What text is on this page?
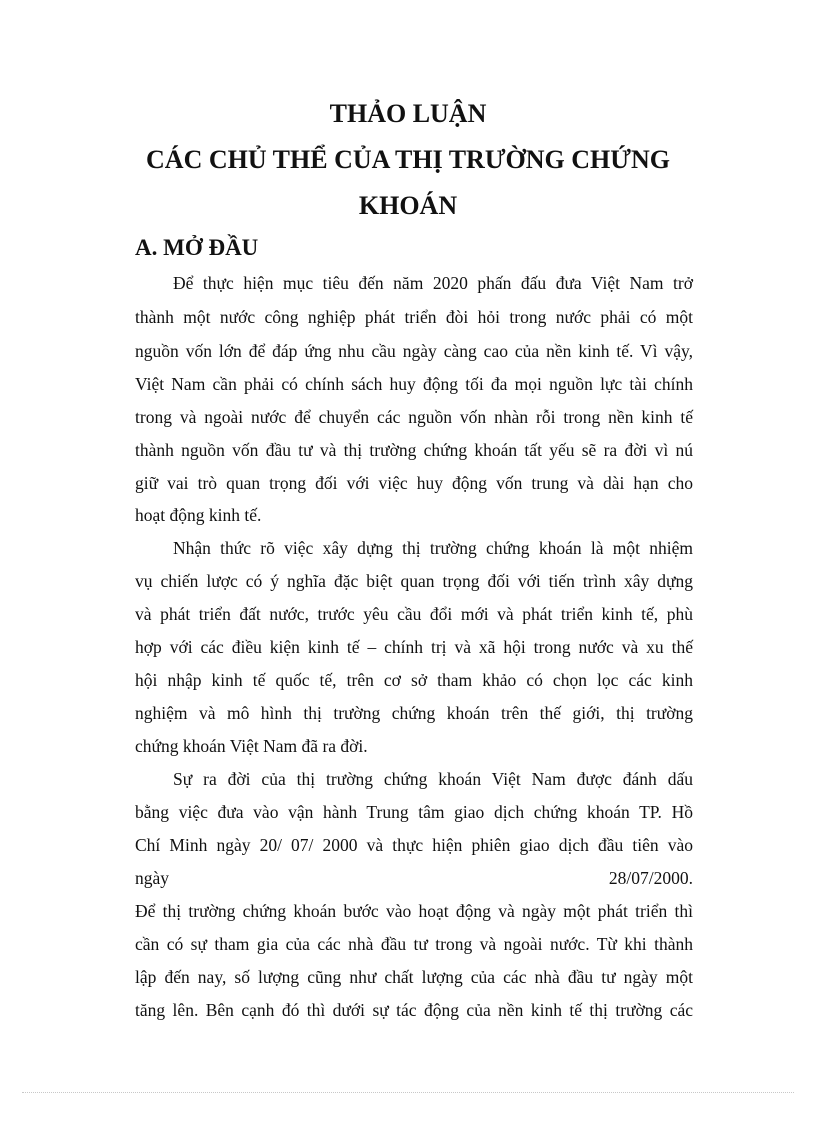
THẢO LUẬN
CÁC CHỦ THỂ CỦA THỊ TRƯỜNG CHỨNG
KHOÁN
A. MỞ ĐẦU
Để thực hiện mục tiêu đến năm 2020 phấn đấu đưa Việt Nam trở
thành một nước công nghiệp phát triển đòi hỏi trong nước phải có một
nguồn vốn lớn để đáp ứng nhu cầu ngày càng cao của nền kinh tế. Vì vậy,
Việt Nam cần phải có chính sách huy động tối đa mọi nguồn lực tài chính
trong và ngoài nước để chuyển các nguồn vốn nhàn rỗi trong nền kinh tế
thành nguồn vốn đầu tư và thị trường chứng khoán tất yếu sẽ ra đời vì nú
giữ vai trò quan trọng đối với việc huy động vốn trung và dài hạn cho
hoạt động kinh tế.
Nhận thức rõ việc xây dựng thị trường chứng khoán là một nhiệm
vụ chiến lược có ý nghĩa đặc biệt quan trọng đối với tiến trình xây dựng
và phát triển đất nước, trước yêu cầu đổi mới và phát triển kinh tế, phù
hợp với các điều kiện kinh tế – chính trị và xã hội trong nước và xu thế
hội nhập kinh tế quốc tế, trên cơ sở tham khảo có chọn lọc các kinh
nghiệm và mô hình thị trường chứng khoán trên thế giới, thị trường
chứng khoán Việt Nam đã ra đời.
Sự ra đời của thị trường chứng khoán Việt Nam được đánh dấu
bằng việc đưa vào vận hành Trung tâm giao dịch chứng khoán TP. Hồ
Chí Minh ngày 20/ 07/ 2000 và thực hiện phiên giao dịch đầu tiên vào
ngày	28/07/2000.
Để thị trường chứng khoán bước vào hoạt động và ngày một phát triển thì
cần có sự tham gia của các nhà đầu tư trong và ngoài nước. Từ khi thành
lập đến nay, số lượng cũng như chất lượng của các nhà đầu tư ngày một
tăng lên. Bên cạnh đó thì dưới sự tác động của nền kinh tế thị trường các
